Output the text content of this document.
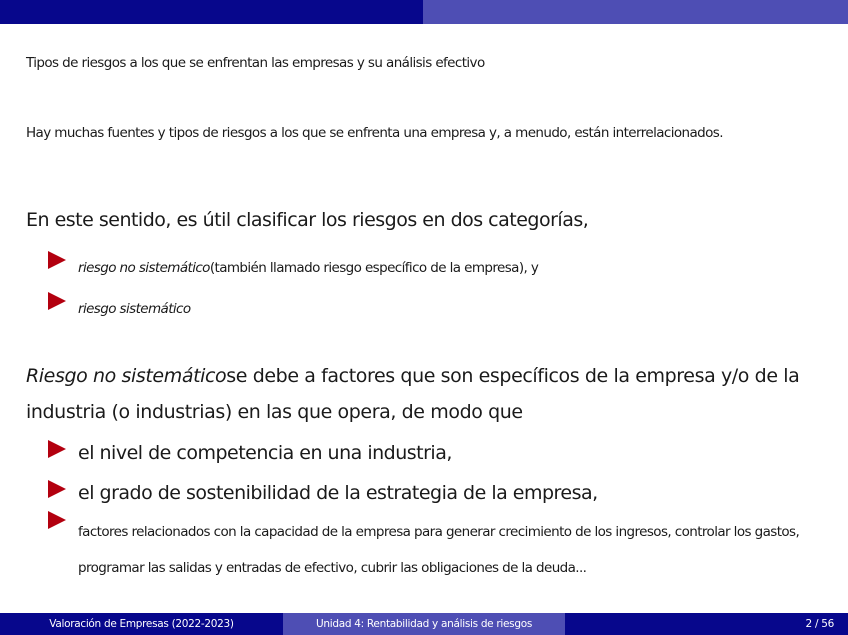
Tipos de riesgos a los que se enfrentan las empresas y su análisis efectivo
Hay muchas fuentes y tipos de riesgos a los que se enfrenta una empresa y, a menudo, están interrelacionados.
En este sentido, es útil clasificar los riesgos en dos categorías,
riesgo no sistemático(también llamado riesgo específico de la empresa), y
riesgo sistemático
Riesgo no sistemáticose debe a factores que son específicos de la empresa y/o de la industria (o industrias) en las que opera, de modo que
el nivel de competencia en una industria,
el grado de sostenibilidad de la estrategia de la empresa,
factores relacionados con la capacidad de la empresa para generar crecimiento de los ingresos, controlar los gastos, programar las salidas y entradas de efectivo, cubrir las obligaciones de la deuda...
Valoración de Empresas (2022-2023)	Unidad 4: Rentabilidad y análisis de riesgos	2 / 56
